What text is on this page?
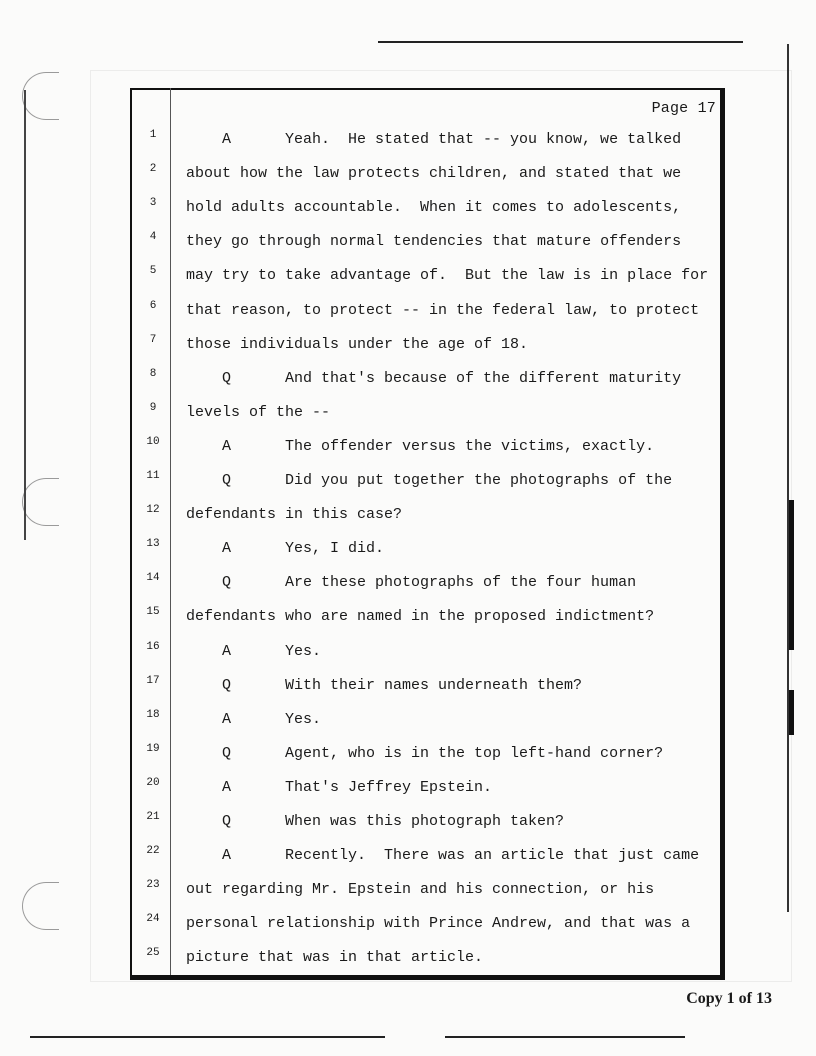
Page 17
1	A      Yeah.  He stated that -- you know, we talked
2	about how the law protects children, and stated that we
3	hold adults accountable.  When it comes to adolescents,
4	they go through normal tendencies that mature offenders
5	may try to take advantage of.  But the law is in place for
6	that reason, to protect -- in the federal law, to protect
7	those individuals under the age of 18.
8	Q      And that's because of the different maturity
9	levels of the --
10	A      The offender versus the victims, exactly.
11	Q      Did you put together the photographs of the
12 defendants in this case?
13	A      Yes, I did.
14	Q      Are these photographs of the four human
15 defendants who are named in the proposed indictment?
16	A      Yes.
17	Q      With their names underneath them?
18	A      Yes.
19	Q      Agent, who is in the top left-hand corner?
20	A      That's Jeffrey Epstein.
21	Q      When was this photograph taken?
22	A      Recently.  There was an article that just came
23 out regarding Mr. Epstein and his connection, or his
24 personal relationship with Prince Andrew, and that was a
25 picture that was in that article.
Copy 1 of 13
